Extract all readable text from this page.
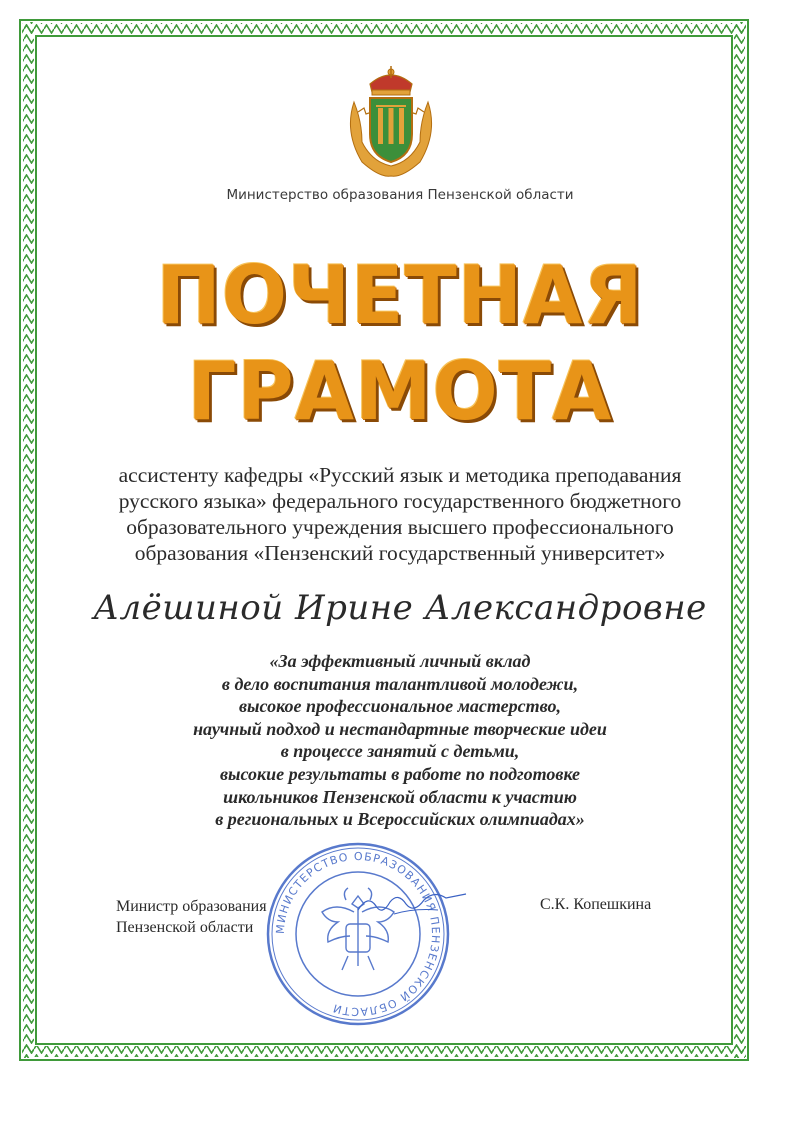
Министерство образования Пензенской области
ПОЧЕТНАЯ
ГРАМОТА
ассистенту кафедры «Русский язык и методика преподавания
русского языка» федерального государственного бюджетного
образовательного учреждения высшего профессионального
образования «Пензенский государственный университет»
Алёшиной Ирине Александровне
«За эффективный личный вклад
в дело воспитания талантливой молодежи,
высокое профессиональное мастерство,
научный подход и нестандартные творческие идеи
в процессе занятий с детьми,
высокие результаты в работе по подготовке
школьников Пензенской области к участию
в региональных и Всероссийских олимпиадах»
Министр образования
Пензенской области	МИНИСТЕРСТВО ОБРАЗОВАНИЯ ПЕНЗЕНСКОЙ ОБЛАСТИ
С.К. Копешкина
